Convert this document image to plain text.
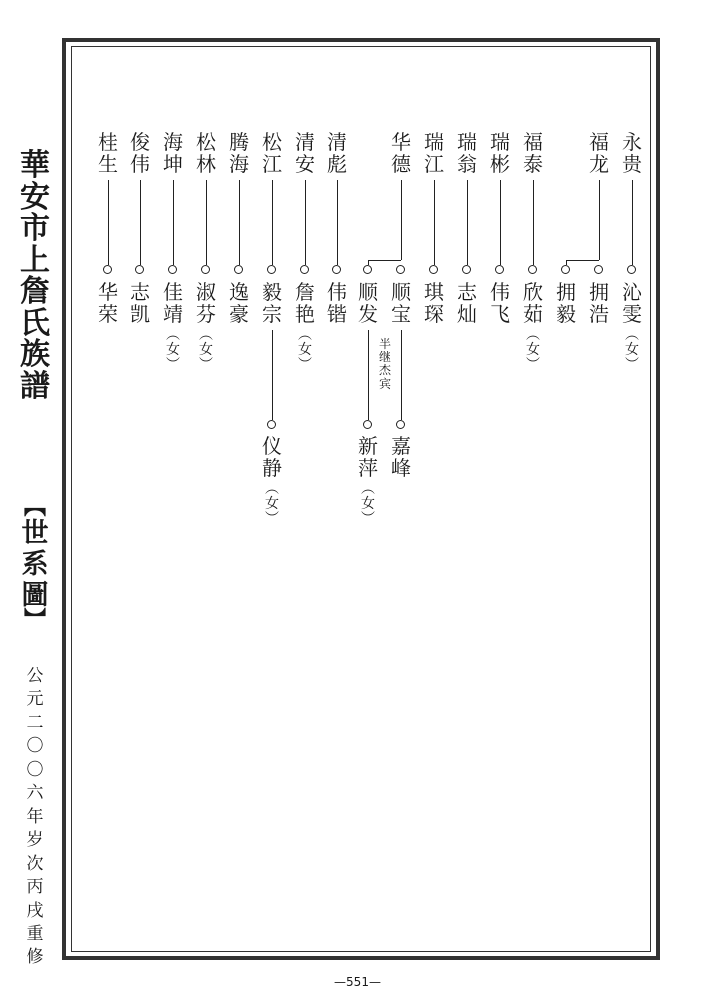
華
安
市
上
詹
氏
族
譜
︻
世
系
圖
︼
公
元
二
〇
〇
六
年
岁
次
丙
戌
重
修
永
贵
福
龙
福
泰
瑞
彬
瑞
翁
瑞
江
华
德
清
彪
清
安
松
江
腾
海
松
林
海
坤
俊
伟
桂
生
沁
雯
︵
女
︶
拥
浩
拥
毅
欣
茹
︵
女
︶
伟
飞
志
灿
琪
琛
顺
宝
顺
发
伟
锴
詹
艳
︵
女
︶
毅
宗
逸
豪
淑
芬
︵
女
︶
佳
靖
︵
女
︶
志
凯
华
荣
半
继
杰
宾
嘉
峰
新
萍
︵
女
︶
仪
静
︵
女
︶
—551—
